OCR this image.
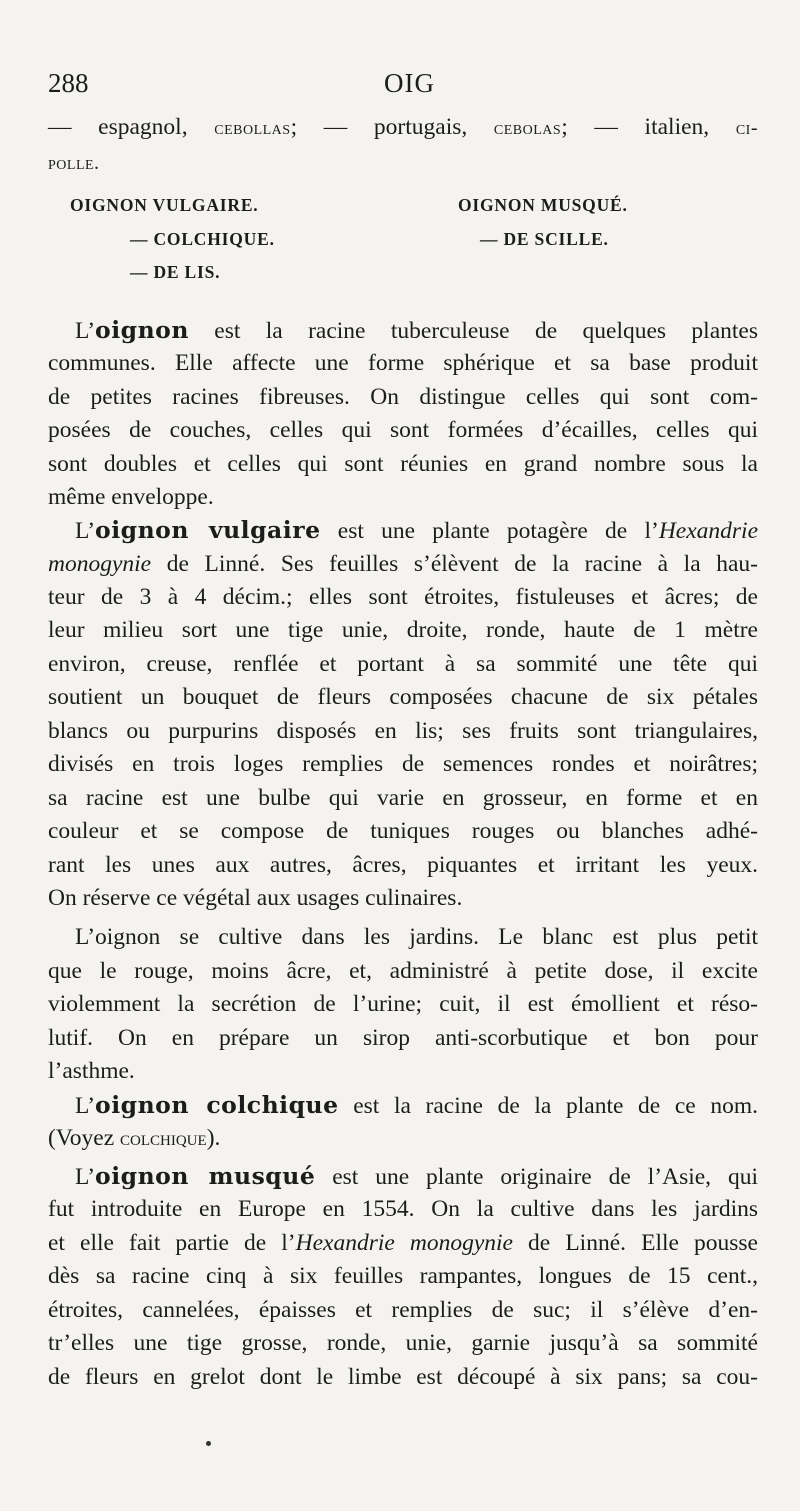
288	OIG
— espagnol, cebollas; — portugais, cebolas; — italien, ci-
polle.
OIGNON VULGAIRE.	OIGNON MUSQUÉ.
— COLCHIQUE.	— DE SCILLE.
— DE LIS.
L’oignon est la racine tuberculeuse de quelques plantes
communes. Elle affecte une forme sphérique et sa base produit
de petites racines fibreuses. On distingue celles qui sont com-
posées de couches, celles qui sont formées d’écailles, celles qui
sont doubles et celles qui sont réunies en grand nombre sous la
même enveloppe.
L’oignon vulgaire est une plante potagère de l’Hexandrie
monogynie de Linné. Ses feuilles s’élèvent de la racine à la hau-
teur de 3 à 4 décim.; elles sont étroites, fistuleuses et âcres; de
leur milieu sort une tige unie, droite, ronde, haute de 1 mètre
environ, creuse, renflée et portant à sa sommité une tête qui
soutient un bouquet de fleurs composées chacune de six pétales
blancs ou purpurins disposés en lis; ses fruits sont triangulaires,
divisés en trois loges remplies de semences rondes et noirâtres;
sa racine est une bulbe qui varie en grosseur, en forme et en
couleur et se compose de tuniques rouges ou blanches adhé-
rant les unes aux autres, âcres, piquantes et irritant les yeux.
On réserve ce végétal aux usages culinaires.
L’oignon se cultive dans les jardins. Le blanc est plus petit
que le rouge, moins âcre, et, administré à petite dose, il excite
violemment la secrétion de l’urine; cuit, il est émollient et réso-
lutif. On en prépare un sirop anti-scorbutique et bon pour
l’asthme.
L’oignon colchique est la racine de la plante de ce nom.
(Voyez colchique).
L’oignon musqué est une plante originaire de l’Asie, qui
fut introduite en Europe en 1554. On la cultive dans les jardins
et elle fait partie de l’Hexandrie monogynie de Linné. Elle pousse
dès sa racine cinq à six feuilles rampantes, longues de 15 cent.,
étroites, cannelées, épaisses et remplies de suc; il s’élève d’en-
tr’elles une tige grosse, ronde, unie, garnie jusqu’à sa sommité
de fleurs en grelot dont le limbe est découpé à six pans; sa cou-
